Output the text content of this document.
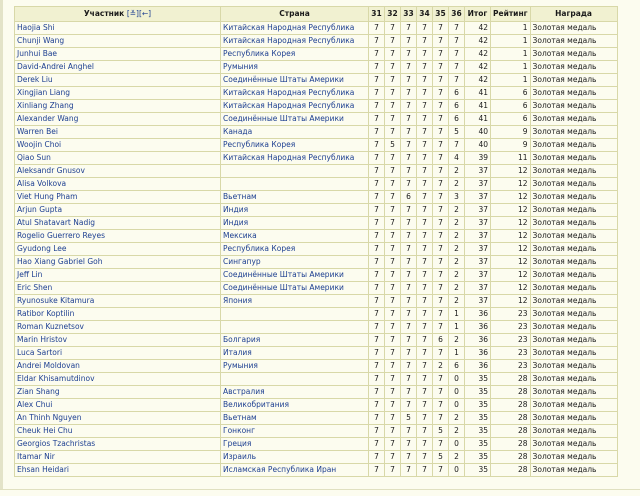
Участник [≚][←]	Страна	31	32	33	34	35	36	Итог	Рейтинг	Награда
Haojia Shi	Китайская Народная Республика	7	7	7	7	7	7	42	1	Золотая медаль
Chunji Wang	Китайская Народная Республика	7	7	7	7	7	7	42	1	Золотая медаль
Junhui Bae	Республика Корея	7	7	7	7	7	7	42	1	Золотая медаль
David-Andrei Anghel	Румыния	7	7	7	7	7	7	42	1	Золотая медаль
Derek Liu	Соединённые Штаты Америки	7	7	7	7	7	7	42	1	Золотая медаль
Xingjian Liang	Китайская Народная Республика	7	7	7	7	7	6	41	6	Золотая медаль
Xinliang Zhang	Китайская Народная Республика	7	7	7	7	7	6	41	6	Золотая медаль
Alexander Wang	Соединённые Штаты Америки	7	7	7	7	7	6	41	6	Золотая медаль
Warren Bei	Канада	7	7	7	7	7	5	40	9	Золотая медаль
Woojin Choi	Республика Корея	7	5	7	7	7	7	40	9	Золотая медаль
Qiao Sun	Китайская Народная Республика	7	7	7	7	7	4	39	11	Золотая медаль
Aleksandr Gnusov		7	7	7	7	7	2	37	12	Золотая медаль
Alisa Volkova		7	7	7	7	7	2	37	12	Золотая медаль
Viet Hung Pham	Вьетнам	7	7	6	7	7	3	37	12	Золотая медаль
Arjun Gupta	Индия	7	7	7	7	7	2	37	12	Золотая медаль
Atul Shatavart Nadig	Индия	7	7	7	7	7	2	37	12	Золотая медаль
Rogelio Guerrero Reyes	Мексика	7	7	7	7	7	2	37	12	Золотая медаль
Gyudong Lee	Республика Корея	7	7	7	7	7	2	37	12	Золотая медаль
Hao Xiang Gabriel Goh	Сингапур	7	7	7	7	7	2	37	12	Золотая медаль
Jeff Lin	Соединённые Штаты Америки	7	7	7	7	7	2	37	12	Золотая медаль
Eric Shen	Соединённые Штаты Америки	7	7	7	7	7	2	37	12	Золотая медаль
Ryunosuke Kitamura	Япония	7	7	7	7	7	2	37	12	Золотая медаль
Ratibor Koptilin		7	7	7	7	7	1	36	23	Золотая медаль
Roman Kuznetsov		7	7	7	7	7	1	36	23	Золотая медаль
Marin Hristov	Болгария	7	7	7	7	6	2	36	23	Золотая медаль
Luca Sartori	Италия	7	7	7	7	7	1	36	23	Золотая медаль
Andrei Moldovan	Румыния	7	7	7	7	2	6	36	23	Золотая медаль
Eldar Khisamutdinov		7	7	7	7	7	0	35	28	Золотая медаль
Zian Shang	Австралия	7	7	7	7	7	0	35	28	Золотая медаль
Alex Chui	Великобритания	7	7	7	7	7	0	35	28	Золотая медаль
An Thinh Nguyen	Вьетнам	7	7	5	7	7	2	35	28	Золотая медаль
Cheuk Hei Chu	Гонконг	7	7	7	7	5	2	35	28	Золотая медаль
Georgios Tzachristas	Греция	7	7	7	7	7	0	35	28	Золотая медаль
Itamar Nir	Израиль	7	7	7	7	5	2	35	28	Золотая медаль
Ehsan Heidari	Исламская Республика Иран	7	7	7	7	7	0	35	28	Золотая медаль
